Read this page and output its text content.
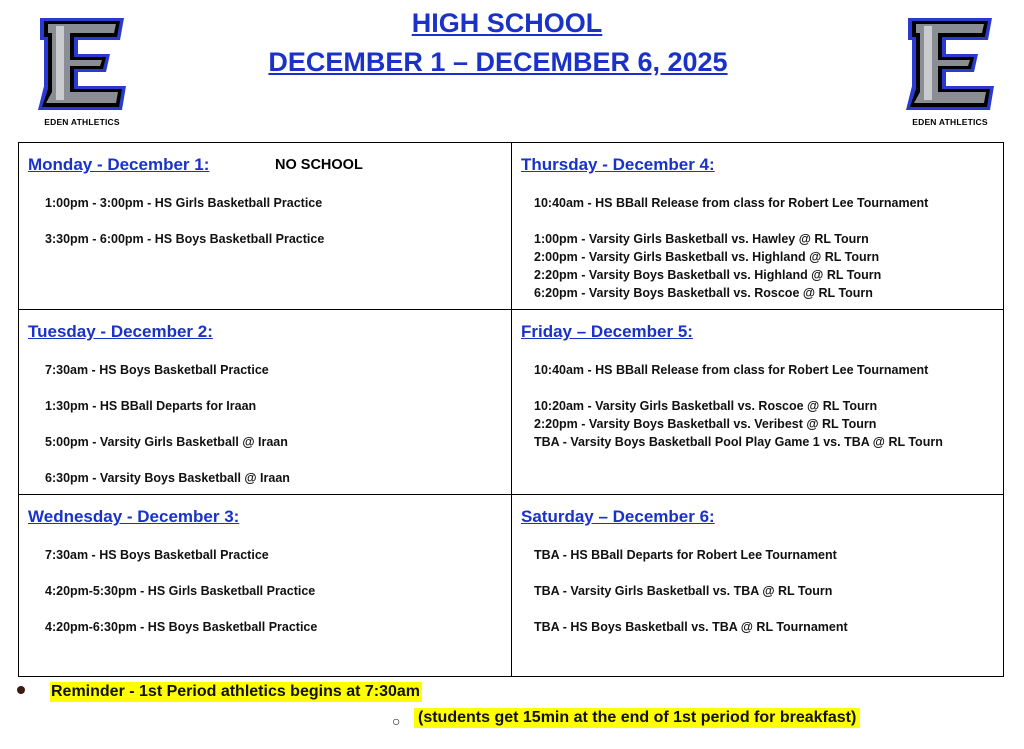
EDEN ATHLETICS	EDEN ATHLETICS
HIGH SCHOOL
DECEMBER 1 – DECEMBER 6, 2025
Monday - December 1:	NO SCHOOL
1:00pm - 3:00pm - HS Girls Basketball Practice
3:30pm - 6:00pm - HS Boys Basketball Practice
Thursday - December 4:
10:40am - HS BBall Release from class for Robert Lee Tournament
1:00pm - Varsity Girls Basketball vs. Hawley @ RL Tourn
2:00pm - Varsity Girls Basketball vs. Highland @ RL Tourn
2:20pm - Varsity Boys Basketball vs. Highland @ RL Tourn
6:20pm - Varsity Boys Basketball vs. Roscoe @ RL Tourn
Tuesday - December 2:
7:30am - HS Boys Basketball Practice
1:30pm - HS BBall Departs for Iraan
5:00pm - Varsity Girls Basketball @ Iraan
6:30pm - Varsity Boys Basketball @ Iraan
Friday – December 5:
10:40am - HS BBall Release from class for Robert Lee Tournament
10:20am - Varsity Girls Basketball vs. Roscoe @ RL Tourn
2:20pm - Varsity Boys Basketball vs. Veribest @ RL Tourn
TBA - Varsity Boys Basketball Pool Play Game 1 vs. TBA @ RL Tourn
Wednesday - December 3:
7:30am - HS Boys Basketball Practice
4:20pm-5:30pm - HS Girls Basketball Practice
4:20pm-6:30pm - HS Boys Basketball Practice
Saturday – December 6:
TBA - HS BBall Departs for Robert Lee Tournament
TBA - Varsity Girls Basketball vs. TBA @ RL Tourn
TBA - HS Boys Basketball vs. TBA @ RL Tournament
Reminder - 1st Period athletics begins at 7:30am
○ (students get 15min at the end of 1st period for breakfast)
